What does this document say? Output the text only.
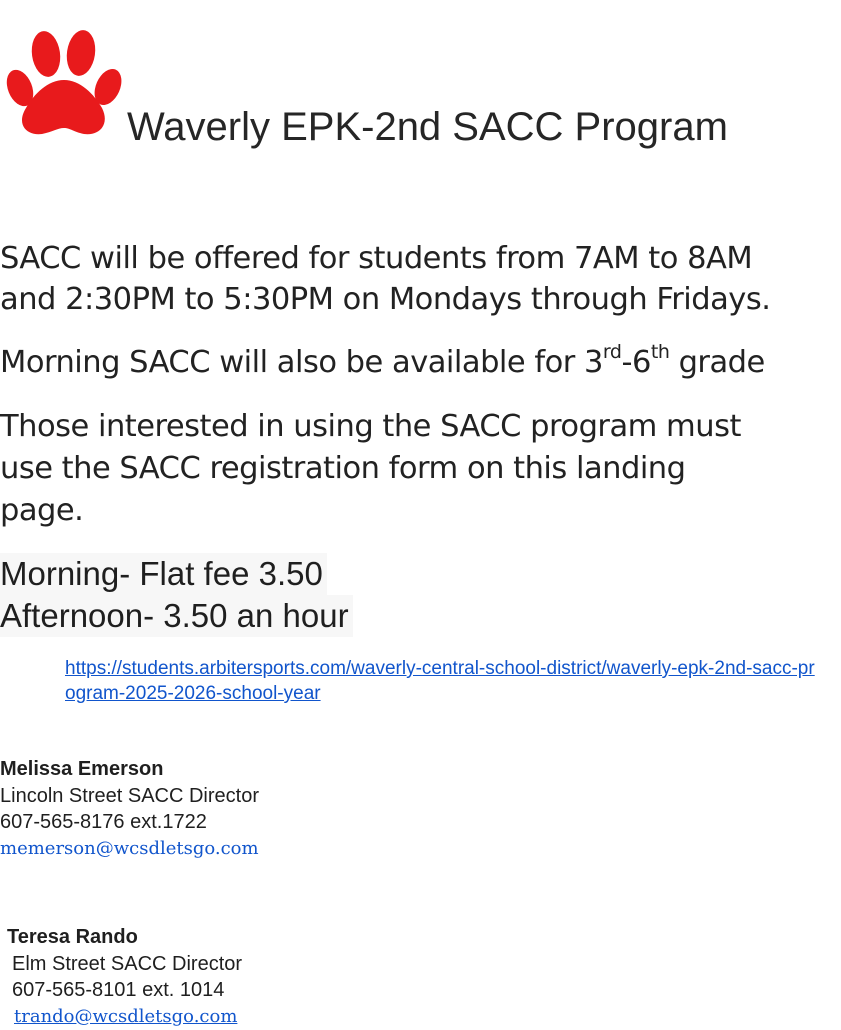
Waverly EPK-2nd SACC Program
SACC will be offered for students from 7AM to 8AM
and 2:30PM to 5:30PM on Mondays through Fridays.
Morning SACC will also be available for 3rd-6th grade
Those interested in using the SACC program must
use the SACC registration form on this landing
page.
Morning- Flat fee 3.50
Afternoon- 3.50 an hour
https://students.arbitersports.com/waverly-central-school-district/waverly-epk-2nd-sacc-program-2025-2026-school-year
Melissa Emerson
Lincoln Street SACC Director
607-565-8176 ext.1722
memerson@wcsdletsgo.com
Teresa Rando
Elm Street SACC Director
607-565-8101 ext. 1014
trando@wcsdletsgo.com
